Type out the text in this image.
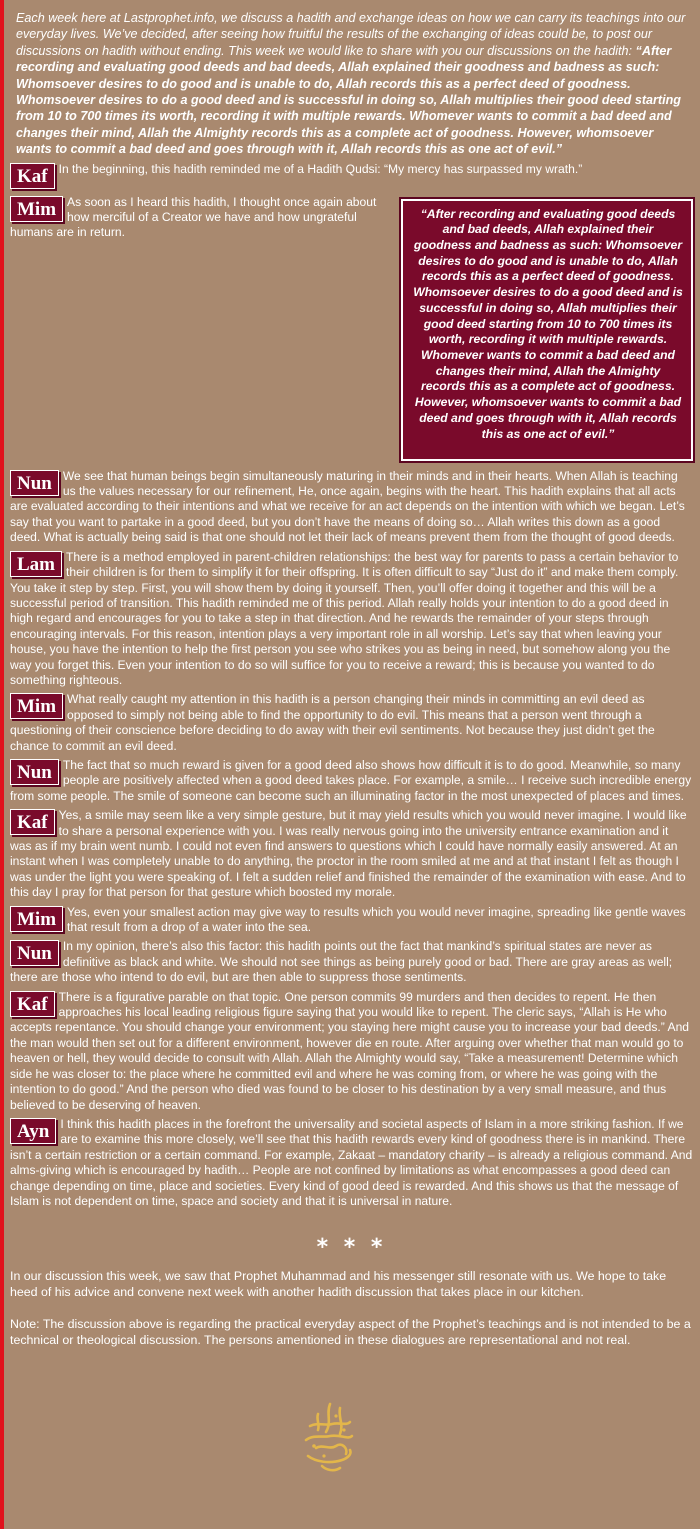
Each week here at Lastprophet.info, we discuss a hadith and exchange ideas on how we can carry its teachings into our everyday lives. We’ve decided, after seeing how fruitful the results of the exchanging of ideas could be, to post our discussions on hadith without ending. This week we would like to share with you our discussions on the hadith: “After recording and evaluating good deeds and bad deeds, Allah explained their goodness and badness as such: Whomsoever desires to do good and is unable to do, Allah records this as a perfect deed of goodness. Whomsoever desires to do a good deed and is successful in doing so, Allah multiplies their good deed starting from 10 to 700 times its worth, recording it with multiple rewards. Whomever wants to commit a bad deed and changes their mind, Allah the Almighty records this as a complete act of goodness. However, whomsoever wants to commit a bad deed and goes through with it, Allah records this as one act of evil.”

Kaf In the beginning, this hadith reminded me of a Hadith Qudsi: “My mercy has surpassed my wrath.”
“After recording and evaluating good deeds and bad deeds, Allah explained their goodness and badness as such: Whomsoever desires to do good and is unable to do, Allah records this as a perfect deed of goodness. Whomsoever desires to do a good deed and is successful in doing so, Allah multiplies their good deed starting from 10 to 700 times its worth, recording it with multiple rewards. Whomever wants to commit a bad deed and changes their mind, Allah the Almighty records this as a complete act of goodness. However, whomsoever wants to commit a bad deed and goes through with it, Allah records this as one act of evil.”
Mim As soon as I heard this hadith, I thought once again about how merciful of a Creator we have and how ungrateful humans are in return.
Nun We see that human beings begin simultaneously maturing in their minds and in their hearts. When Allah is teaching us the values necessary for our refinement, He, once again, begins with the heart. This hadith explains that all acts are evaluated according to their intentions and what we receive for an act depends on the intention with which we began. Let’s say that you want to partake in a good deed, but you don’t have the means of doing so… Allah writes this down as a good deed. What is actually being said is that one should not let their lack of means prevent them from the thought of good deeds.
Lam There is a method employed in parent-children relationships: the best way for parents to pass a certain behavior to their children is for them to simplify it for their offspring. It is often difficult to say “Just do it” and make them comply. You take it step by step. First, you will show them by doing it yourself. Then, you’ll offer doing it together and this will be a successful period of transition. This hadith reminded me of this period. Allah really holds your intention to do a good deed in high regard and encourages for you to take a step in that direction. And he rewards the remainder of your steps through encouraging intervals. For this reason, intention plays a very important role in all worship. Let’s say that when leaving your house, you have the intention to help the first person you see who strikes you as being in need, but somehow along you the way you forget this. Even your intention to do so will suffice for you to receive a reward; this is because you wanted to do something righteous.
Mim What really caught my attention in this hadith is a person changing their minds in committing an evil deed as opposed to simply not being able to find the opportunity to do evil. This means that a person went through a questioning of their conscience before deciding to do away with their evil sentiments. Not because they just didn’t get the chance to commit an evil deed.
Nun The fact that so much reward is given for a good deed also shows how difficult it is to do good. Meanwhile, so many people are positively affected when a good deed takes place. For example, a smile… I receive such incredible energy from some people. The smile of someone can become such an illuminating factor in the most unexpected of places and times.
Kaf Yes, a smile may seem like a very simple gesture, but it may yield results which you would never imagine. I would like to share a personal experience with you. I was really nervous going into the university entrance examination and it was as if my brain went numb. I could not even find answers to questions which I could have normally easily answered. At an instant when I was completely unable to do anything, the proctor in the room smiled at me and at that instant I felt as though I was under the light you were speaking of. I felt a sudden relief and finished the remainder of the examination with ease. And to this day I pray for that person for that gesture which boosted my morale.
Mim Yes, even your smallest action may give way to results which you would never imagine, spreading like gentle waves that result from a drop of a water into the sea.
Nun In my opinion, there’s also this factor: this hadith points out the fact that mankind’s spiritual states are never as definitive as black and white. We should not see things as being purely good or bad. There are gray areas as well; there are those who intend to do evil, but are then able to suppress those sentiments.
Kaf There is a figurative parable on that topic. One person commits 99 murders and then decides to repent. He then approaches his local leading religious figure saying that you would like to repent. The cleric says, “Allah is He who accepts repentance. You should change your environment; you staying here might cause you to increase your bad deeds.” And the man would then set out for a different environment, however die en route. After arguing over whether that man would go to heaven or hell, they would decide to consult with Allah. Allah the Almighty would say, “Take a measurement! Determine which side he was closer to: the place where he committed evil and where he was coming from, or where he was going with the intention to do good.” And the person who died was found to be closer to his destination by a very small measure, and thus believed to be deserving of heaven.
Ayn I think this hadith places in the forefront the universality and societal aspects of Islam in a more striking fashion. If we are to examine this more closely, we’ll see that this hadith rewards every kind of goodness there is in mankind. There isn’t a certain restriction or a certain command. For example, Zakaat – mandatory charity – is already a religious command. And alms-giving which is encouraged by hadith… People are not confined by limitations as what encompasses a good deed can change depending on time, place and societies. Every kind of good deed is rewarded. And this shows us that the message of Islam is not dependent on time, space and society and that it is universal in nature.
* * *

In our discussion this week, we saw that Prophet Muhammad and his messenger still resonate with us. We hope to take heed of his advice and convene next week with another hadith discussion that takes place in our kitchen.

Note: The discussion above is regarding the practical everyday aspect of the Prophet’s teachings and is not intended to be a technical or theological discussion. The persons amentioned in these dialogues are representational and not real.
